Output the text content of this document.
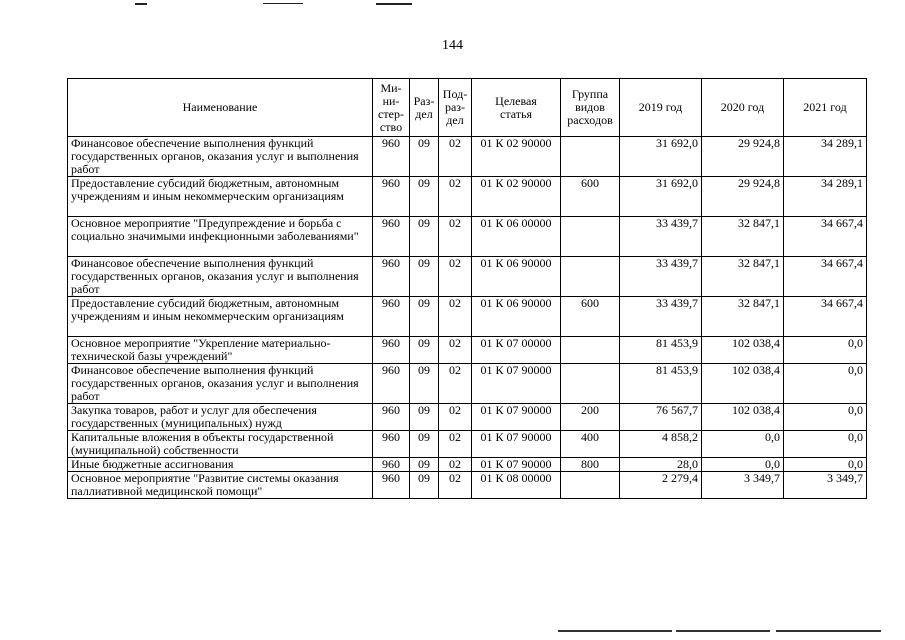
144
Наименование	Ми-
ни-
стер-
ство	Раз-
дел	Под-
раз-
дел	Целевая
статья	Группа
видов
расходов	2019 год	2020 год	2021 год
Финансовое обеспечение выполнения функций государственных органов, оказания услуг и выполнения работ	960	09	02	01 К 02 90000		31 692,0	29 924,8	34 289,1
Предоставление субсидий бюджетным, автономным учреждениям и иным некоммерческим организациям	960	09	02	01 К 02 90000	600	31 692,0	29 924,8	34 289,1
Основное мероприятие "Предупреждение и борьба с социально значимыми инфекционными заболеваниями"	960	09	02	01 К 06 00000		33 439,7	32 847,1	34 667,4
Финансовое обеспечение выполнения функций государственных органов, оказания услуг и выполнения работ	960	09	02	01 К 06 90000		33 439,7	32 847,1	34 667,4
Предоставление субсидий бюджетным, автономным учреждениям и иным некоммерческим организациям	960	09	02	01 К 06 90000	600	33 439,7	32 847,1	34 667,4
Основное мероприятие "Укрепление материально-технической базы учреждений"	960	09	02	01 К 07 00000		81 453,9	102 038,4	0,0
Финансовое обеспечение выполнения функций государственных органов, оказания услуг и выполнения работ	960	09	02	01 К 07 90000		81 453,9	102 038,4	0,0
Закупка товаров, работ и услуг для обеспечения государственных (муниципальных) нужд	960	09	02	01 К 07 90000	200	76 567,7	102 038,4	0,0
Капитальные вложения в объекты государственной (муниципальной) собственности	960	09	02	01 К 07 90000	400	4 858,2	0,0	0,0
Иные бюджетные ассигнования	960	09	02	01 К 07 90000	800	28,0	0,0	0,0
Основное мероприятие "Развитие системы оказания паллиативной медицинской помощи"	960	09	02	01 К 08 00000		2 279,4	3 349,7	3 349,7
